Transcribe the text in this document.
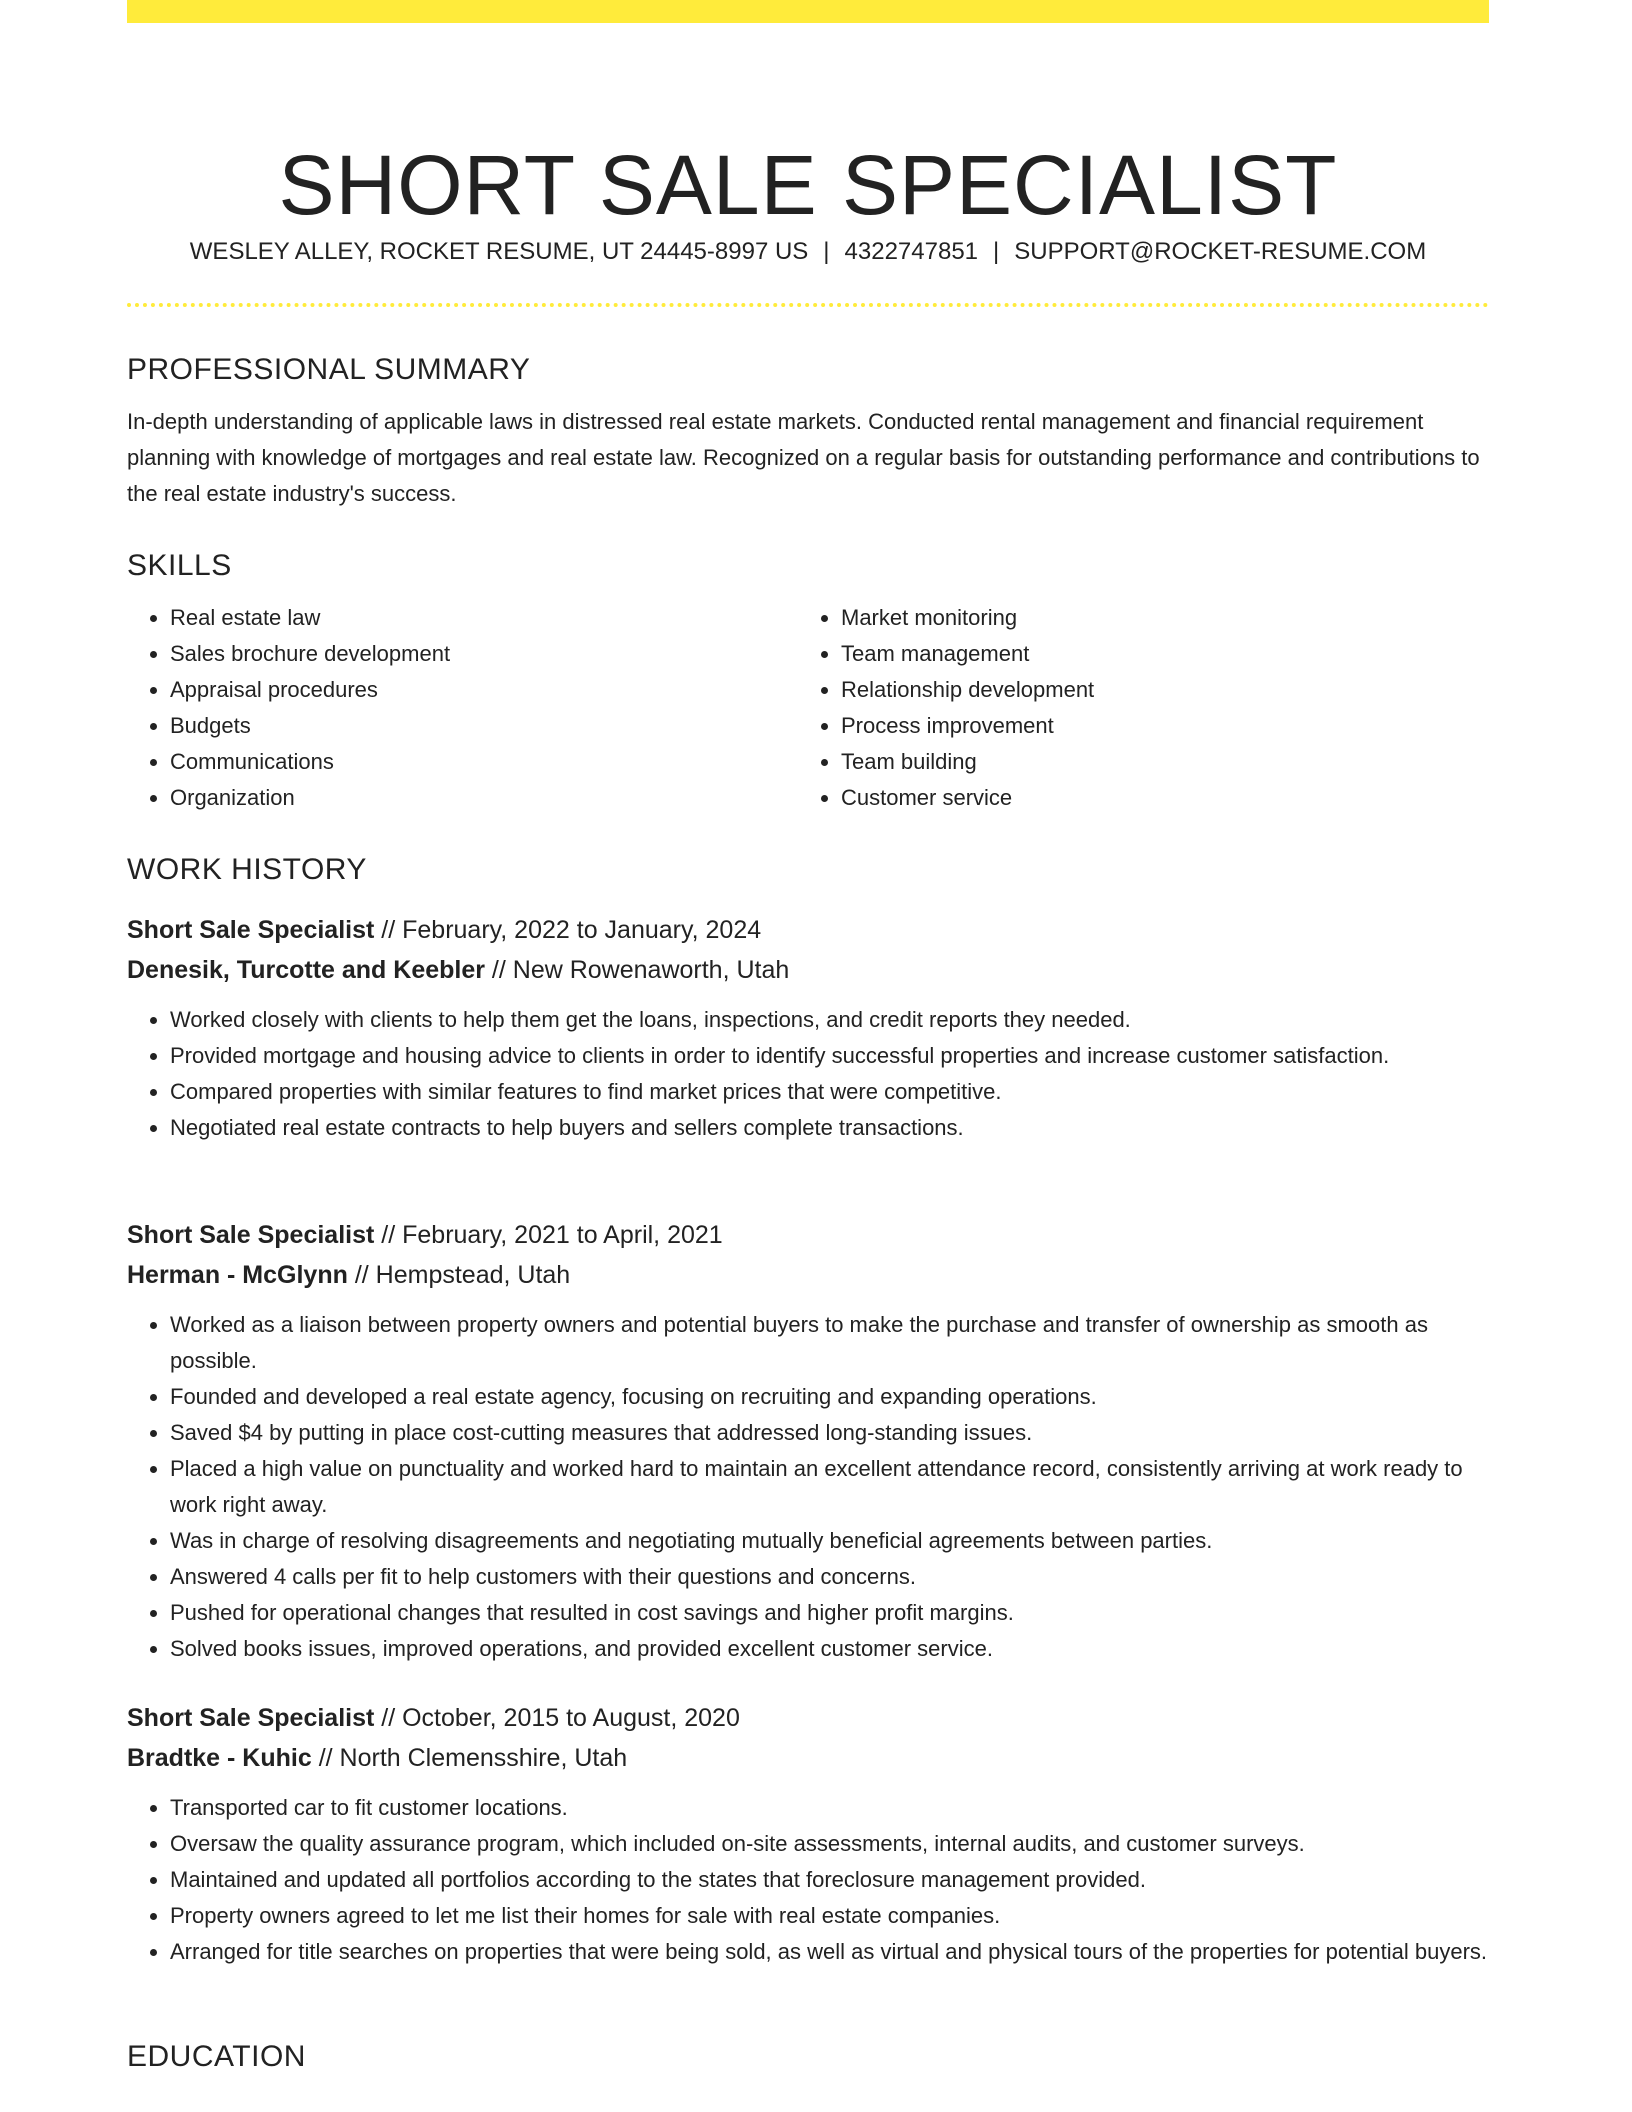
SHORT SALE SPECIALIST
WESLEY ALLEY, ROCKET RESUME, UT 24445-8997 US | 4322747851 | SUPPORT@ROCKET-RESUME.COM
PROFESSIONAL SUMMARY

In-depth understanding of applicable laws in distressed real estate markets. Conducted rental management and financial requirement planning with knowledge of mortgages and real estate law. Recognized on a regular basis for outstanding performance and contributions to the real estate industry's success.

SKILLS
• Real estate law
• Sales brochure development
• Appraisal procedures
• Budgets
• Communications
• Organization
• Market monitoring
• Team management
• Relationship development
• Process improvement
• Team building
• Customer service
WORK HISTORY

Short Sale Specialist // February, 2022 to January, 2024

Denesik, Turcotte and Keebler // New Rowenaworth, Utah

• Worked closely with clients to help them get the loans, inspections, and credit reports they needed.
• Provided mortgage and housing advice to clients in order to identify successful properties and increase customer satisfaction.
• Compared properties with similar features to find market prices that were competitive.
• Negotiated real estate contracts to help buyers and sellers complete transactions.

Short Sale Specialist // February, 2021 to April, 2021

Herman - McGlynn // Hempstead, Utah

• Worked as a liaison between property owners and potential buyers to make the purchase and transfer of ownership as smooth as possible.
• Founded and developed a real estate agency, focusing on recruiting and expanding operations.
• Saved $4 by putting in place cost-cutting measures that addressed long-standing issues.
• Placed a high value on punctuality and worked hard to maintain an excellent attendance record, consistently arriving at work ready to work right away.
• Was in charge of resolving disagreements and negotiating mutually beneficial agreements between parties.
• Answered 4 calls per fit to help customers with their questions and concerns.
• Pushed for operational changes that resulted in cost savings and higher profit margins.
• Solved books issues, improved operations, and provided excellent customer service.

Short Sale Specialist // October, 2015 to August, 2020

Bradtke - Kuhic // North Clemensshire, Utah

• Transported car to fit customer locations.
• Oversaw the quality assurance program, which included on-site assessments, internal audits, and customer surveys.
• Maintained and updated all portfolios according to the states that foreclosure management provided.
• Property owners agreed to let me list their homes for sale with real estate companies.
• Arranged for title searches on properties that were being sold, as well as virtual and physical tours of the properties for potential buyers.
EDUCATION
